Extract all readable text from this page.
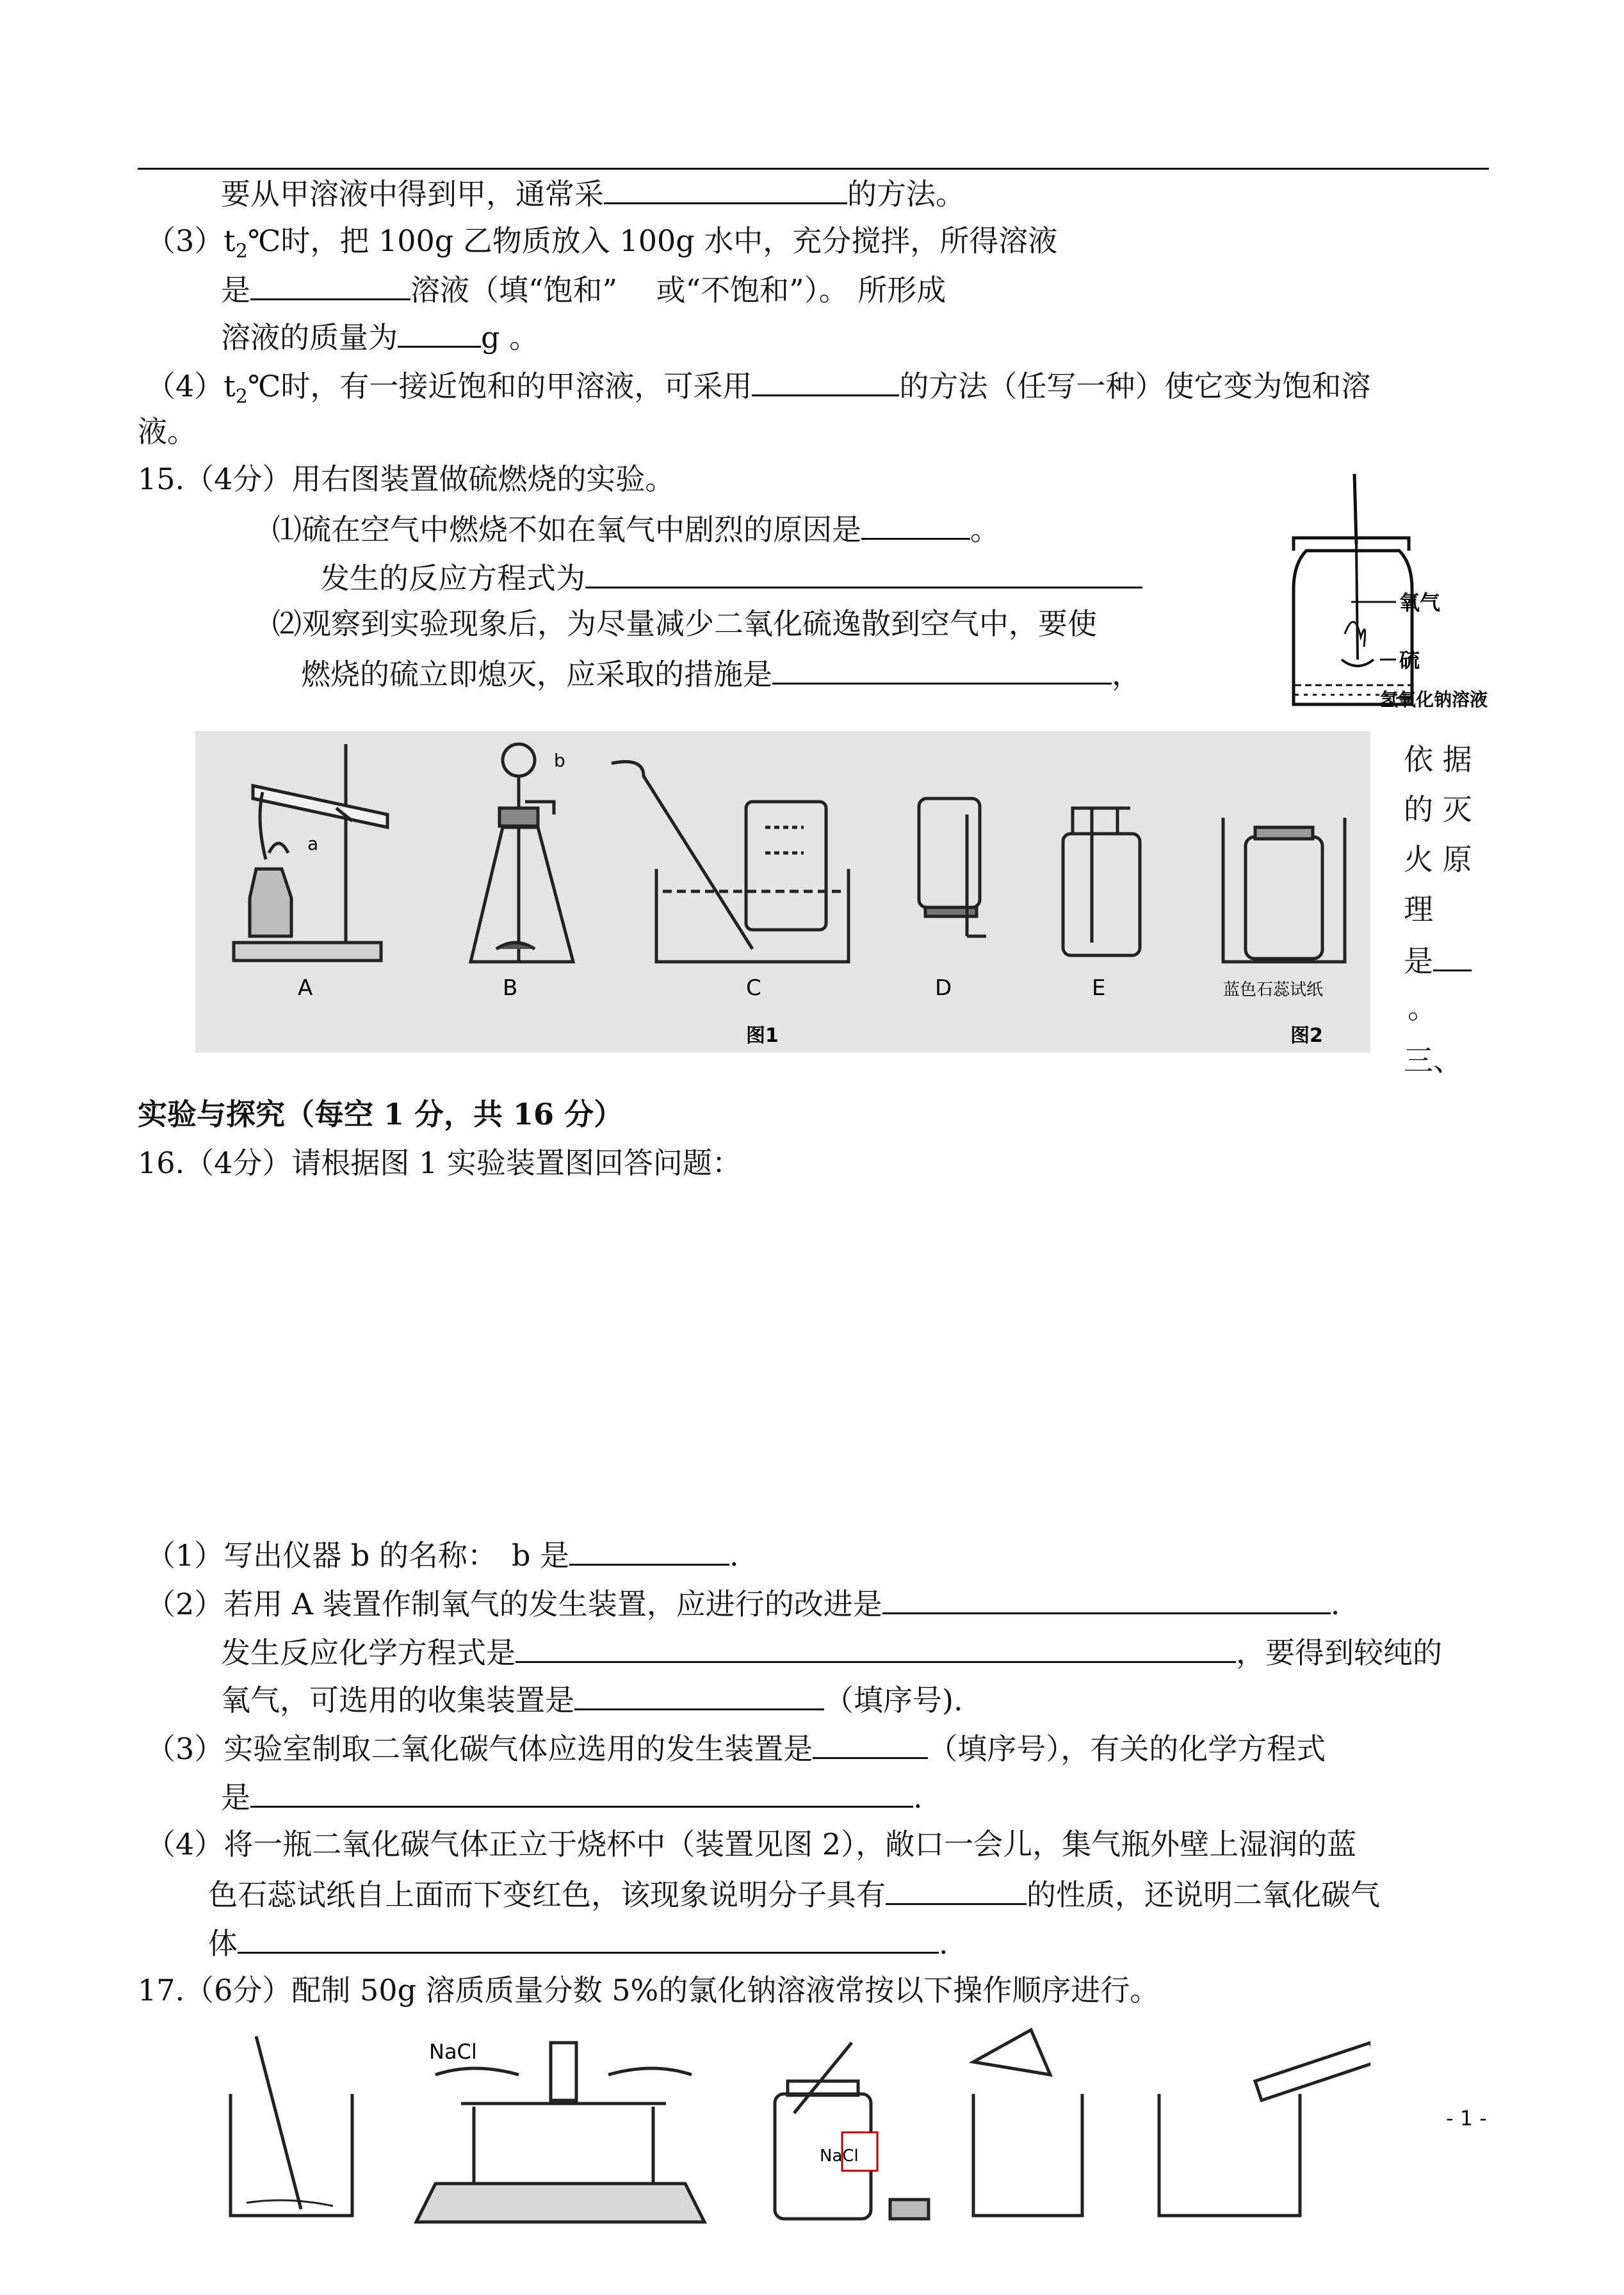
要从甲溶液中得到甲，通常采	的方法。
$(3)t_2℃$时，把 100g 乙物质放入 100g 水中，充分搅拌，所得溶液
是	溶液（填“饱和”　 或“不饱和”）。 所形成
溶液的质量为	g 。
$(4)t_2℃$时，有一接近饱和的甲溶液，可采用	的方法（任写一种）使它变为饱和溶
液。
15.（4分）用右图装置做硫燃烧的实验。
⑴硫在空气中燃烧不如在氧气中剧烈的原因是	。
发生的反应方程式为
⑵观察到实验现象后，为尽量减少二氧化硫逸散到空气中，要使
燃烧的硫立即熄灭，应采取的措施是	，
氧气
硫
氢氧化钠溶液
a
b
A	B	C	D	E	蓝色石蕊试纸
图1	图2
依 据
的 灭
火 原
理
是
。
三、
实验与探究（每空 1 分，共 16 分）
16.（4分）请根据图 1 实验装置图回答问题：
（1）写出仪器 b 的名称：　b 是	.
（2）若用 A 装置作制氧气的发生装置，应进行的改进是	.
发生反应化学方程式是	，要得到较纯的
氧气，可选用的收集装置是	（填序号).
（3）实验室制取二氧化碳气体应选用的发生装置是	（填序号），有关的化学方程式
是	.
（4）将一瓶二氧化碳气体正立于烧杯中（装置见图 2），敞口一会儿，集气瓶外壁上湿润的蓝
色石蕊试纸自上面而下变红色，该现象说明分子具有	的性质，还说明二氧化碳气
体	.
17.（6分）配制 50g 溶质质量分数 5%的氯化钠溶液常按以下操作顺序进行。
NaCl
NaCl
- 1 -
